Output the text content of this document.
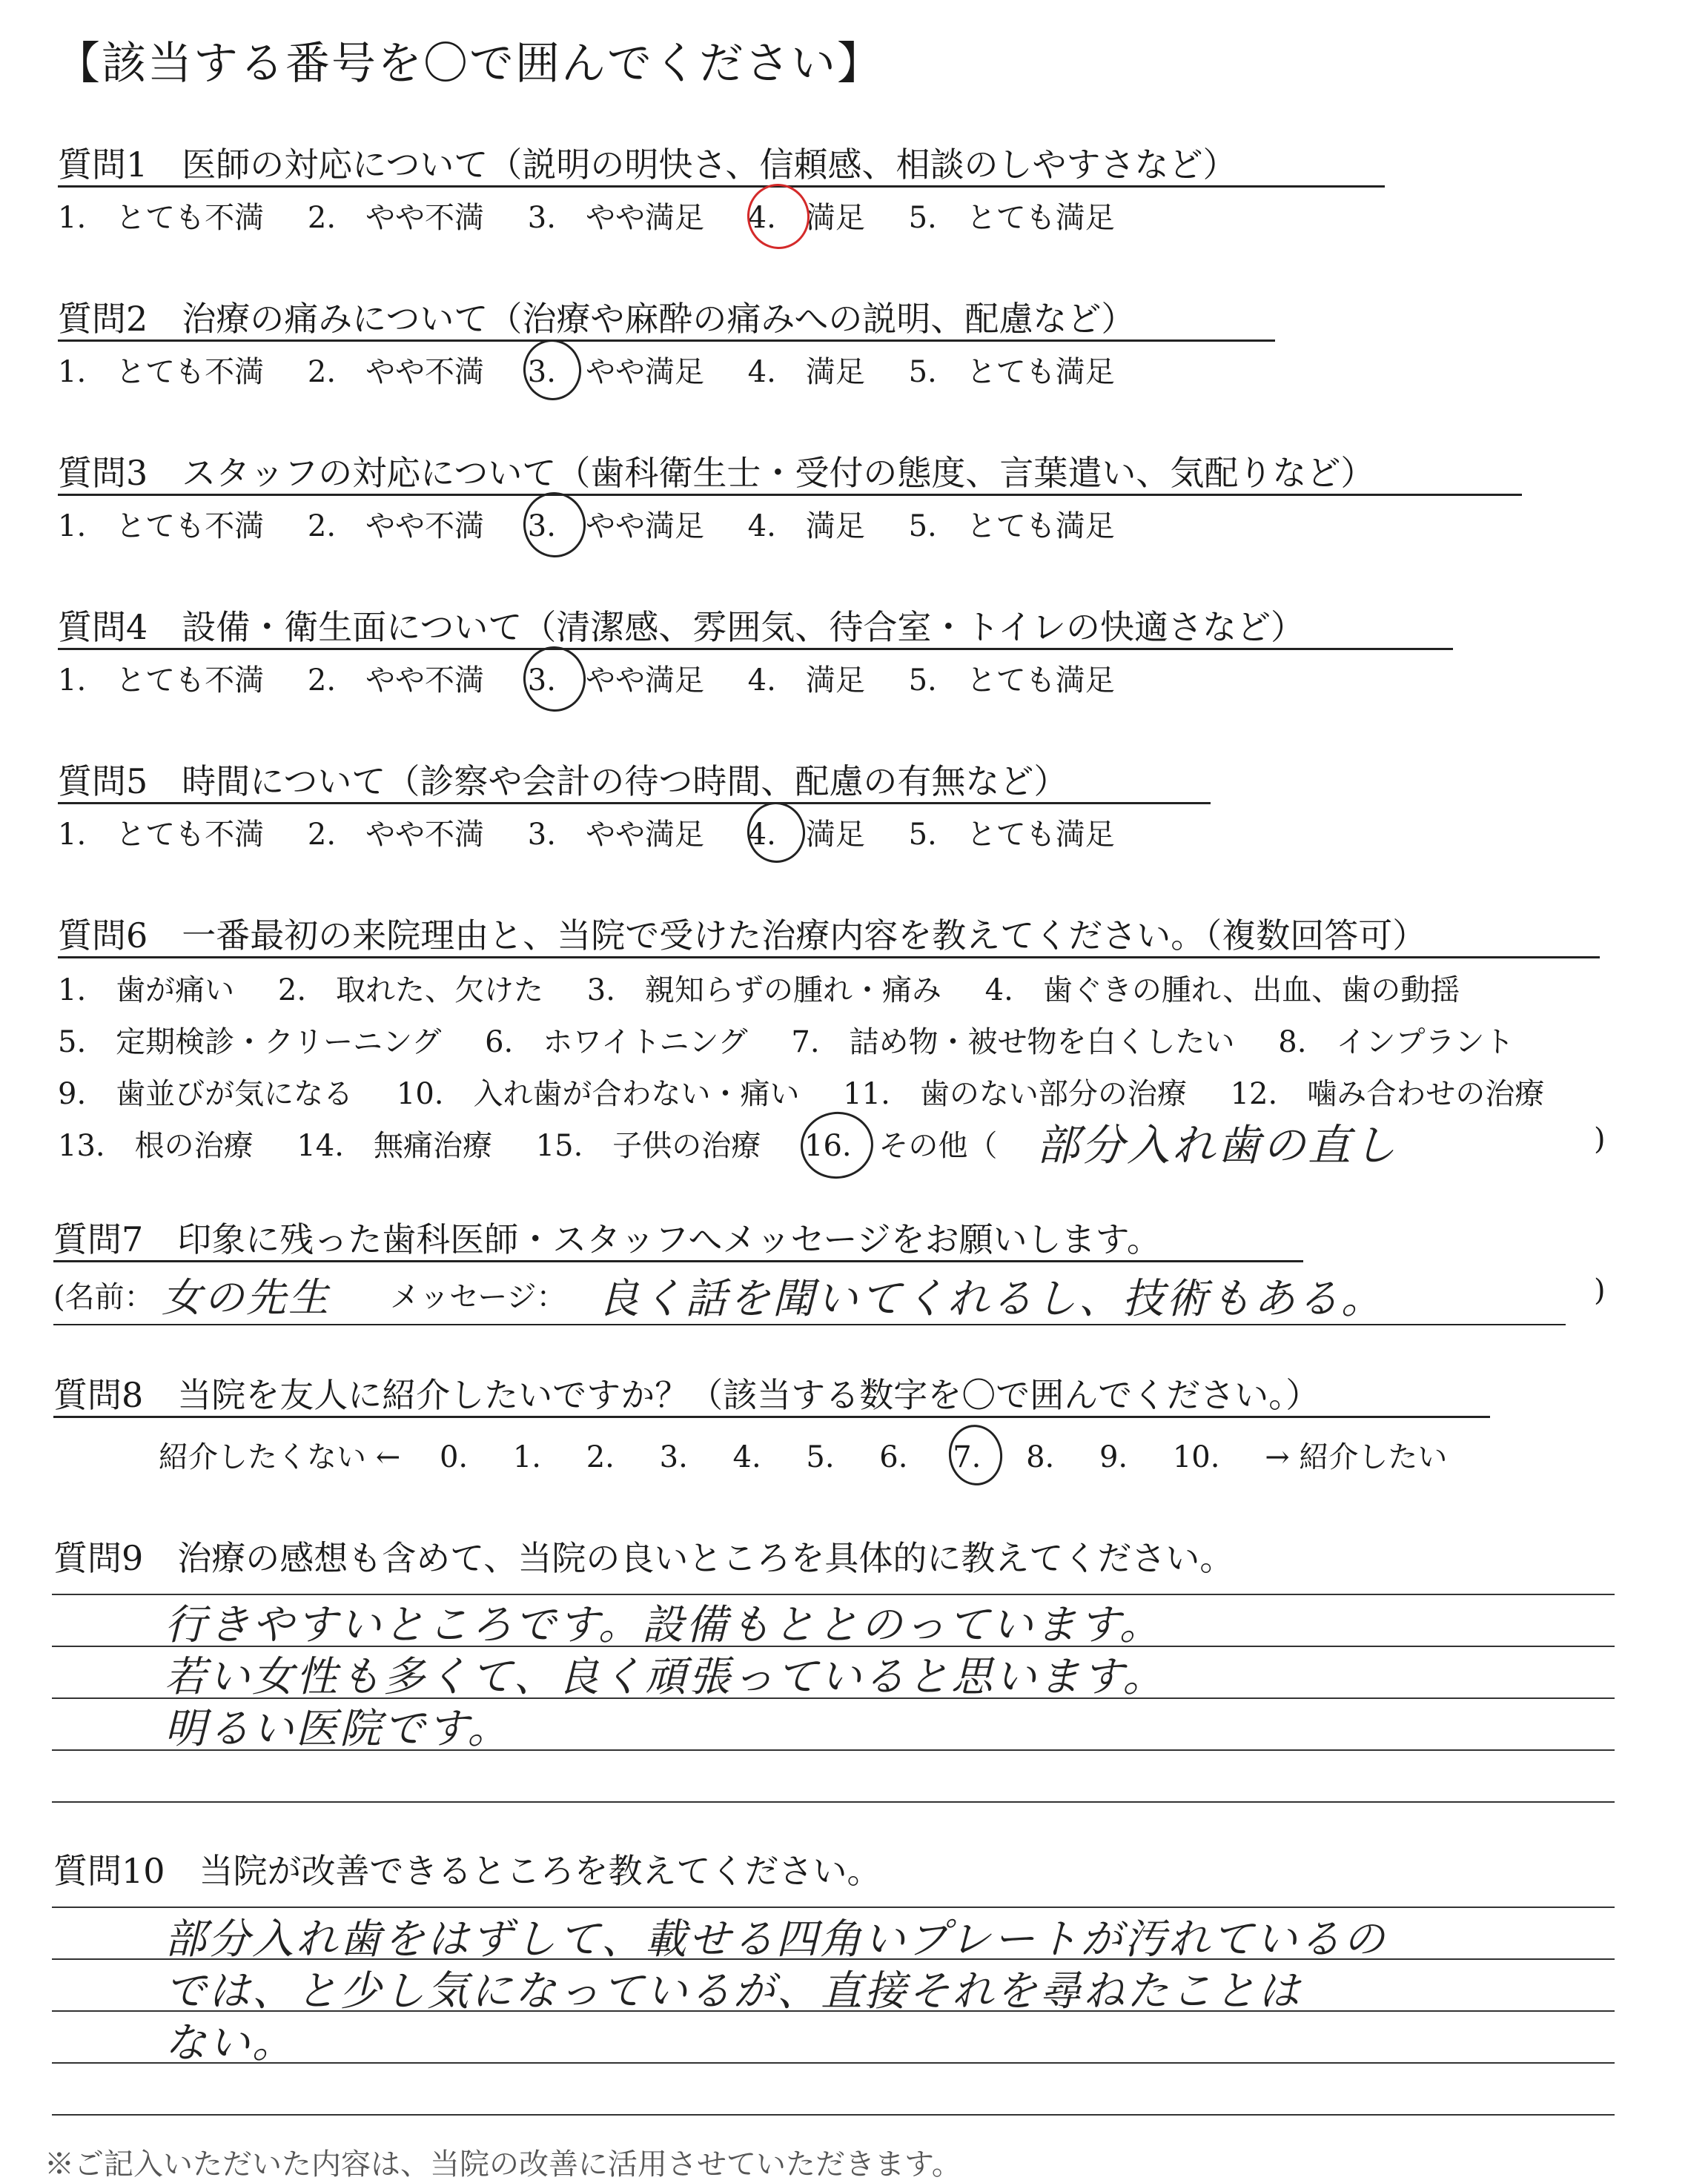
【該当する番号を〇で囲んでください】
質問1　医師の対応について（説明の明快さ、信頼感、相談のしやすさなど）
1.　とても不満 2.　やや不満 3.　やや満足 4.　満足 5.　とても満足
質問2　治療の痛みについて（治療や麻酔の痛みへの説明、配慮など）
1.　とても不満 2.　やや不満 3.　やや満足 4.　満足 5.　とても満足
質問3　スタッフの対応について（歯科衛生士・受付の態度、言葉遣い、気配りなど）
1.　とても不満 2.　やや不満 3.　やや満足 4.　満足 5.　とても満足
質問4　設備・衛生面について（清潔感、雰囲気、待合室・トイレの快適さなど）
1.　とても不満 2.　やや不満 3.　やや満足 4.　満足 5.　とても満足
質問5　時間について（診察や会計の待つ時間、配慮の有無など）
1.　とても不満 2.　やや不満 3.　やや満足 4.　満足 5.　とても満足
質問6　一番最初の来院理由と、当院で受けた治療内容を教えてください。（複数回答可）
1.　歯が痛い 2.　取れた、欠けた 3.　親知らずの腫れ・痛み 4.　歯ぐきの腫れ、出血、歯の動揺
5.　定期検診・クリーニング 6.　ホワイトニング 7.　詰め物・被せ物を白くしたい 8.　インプラント
9.　歯並びが気になる 10.　入れ歯が合わない・痛い 11.　歯のない部分の治療 12.　噛み合わせの治療
13.　根の治療 14.　無痛治療 15.　子供の治療 16. その他（ 部分入れ歯の直し	)
質問7　印象に残った歯科医師・スタッフへメッセージをお願いします。
(名前： 女の先生 メッセージ： 良く話を聞いてくれるし、技術もある。	)
質問8　当院を友人に紹介したいですか？（該当する数字を〇で囲んでください。）
紹介したくない ← 0. 1. 2. 3. 4. 5. 6. 7. 8. 9. 10. → 紹介したい
質問9　治療の感想も含めて、当院の良いところを具体的に教えてください。
行きやすいところです。設備もととのっています。
若い女性も多くて、良く頑張っていると思います。
明るい医院です。
質問10　当院が改善できるところを教えてください。
部分入れ歯をはずして、載せる四角いプレートが汚れているの
では、と少し気になっているが、直接それを尋ねたことは
ない。
※ご記入いただいた内容は、当院の改善に活用させていただきます。
